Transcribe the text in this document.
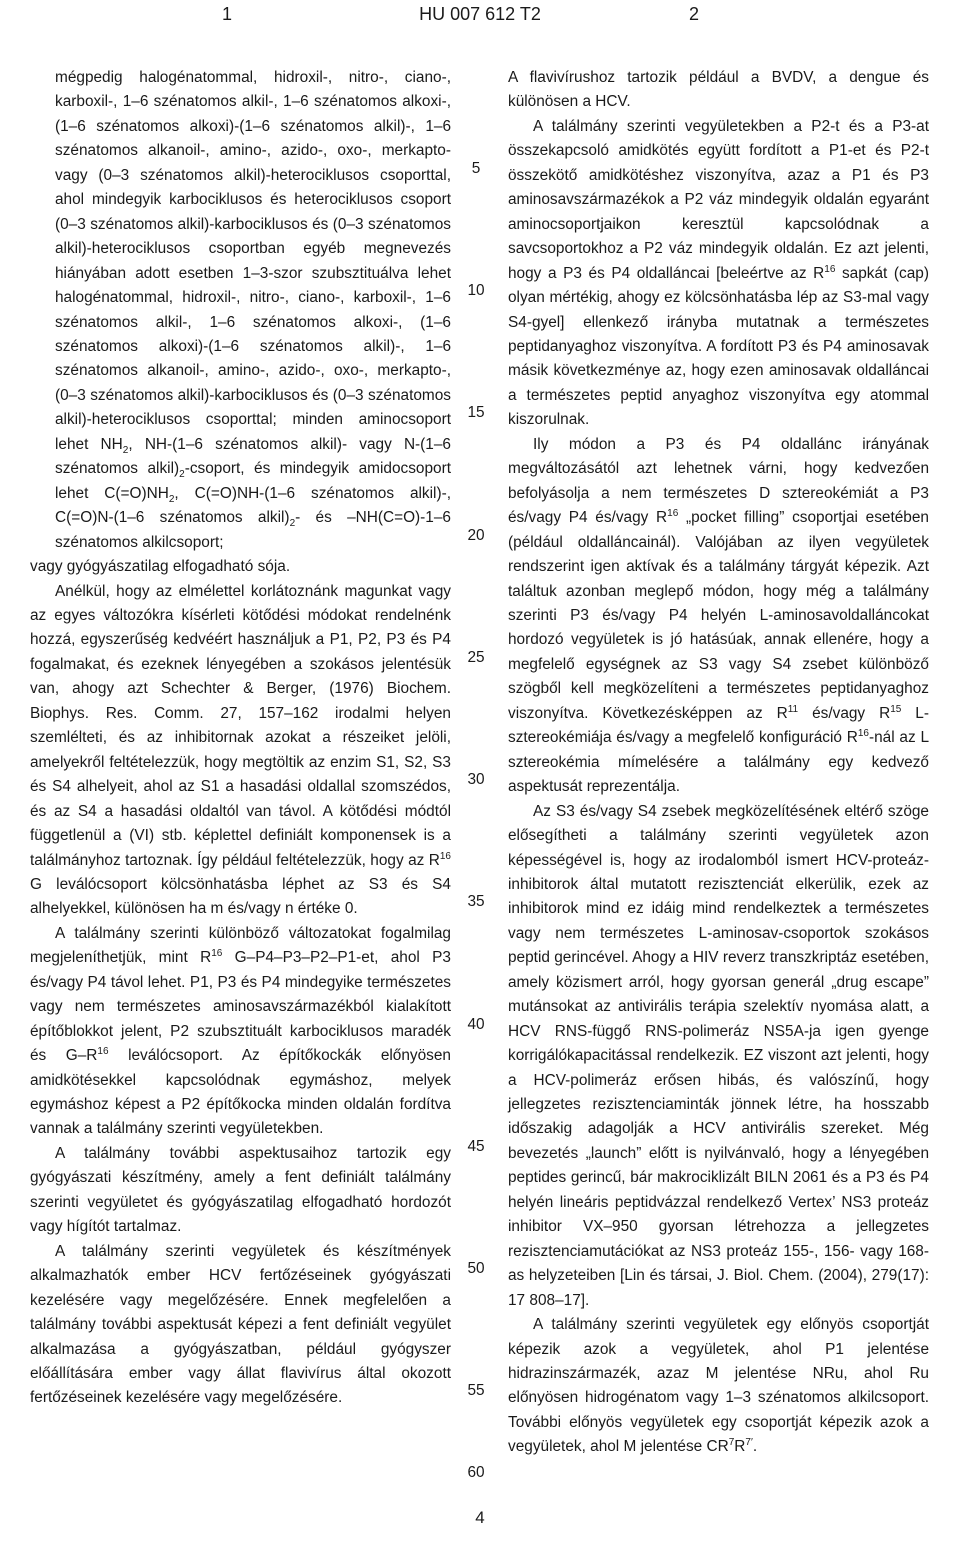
1	HU 007 612 T2	2

mégpedig halogénatommal, hidroxil-, nitro-, ciano-, karboxil-, 1–6 szénatomos alkil-, 1–6 szénatomos alkoxi-, (1–6 szénatomos alkoxi)-(1–6 szénatomos alkil)-, 1–6 szénatomos alkanoil-, amino-, azido-, oxo-, merkapto- vagy (0–3 szénatomos alkil)-heterociklusos csoporttal, ahol mindegyik karbociklusos és heterociklusos csoport (0–3 szénatomos alkil)-karbociklusos és (0–3 szénatomos alkil)-heterociklusos csoportban egyéb megnevezés hiányában adott esetben 1–3-szor szubsztituálva lehet halogénatommal, hidroxil-, nitro-, ciano-, karboxil-, 1–6 szénatomos alkil-, 1–6 szénatomos alkoxi-, (1–6 szénatomos alkoxi)-(1–6 szénatomos alkil)-, 1–6 szénatomos alkanoil-, amino-, azido-, oxo-, merkapto-, (0–3 szénatomos alkil)-karbociklusos és (0–3 szénatomos alkil)-heterociklusos csoporttal; minden aminocsoport lehet $NH_2$, NH-(1–6 szénatomos alkil)- vagy N-(1–6 szénatomos $alkil)_2$-csoport, és mindegyik amidocsoport lehet $C(=O)NH_2$, C(=O)NH-(1–6 szénatomos alkil)-, C(=O)N-(1–6 szénatomos $alkil)_2-$ és –NH(C=O)-1–6 szénatomos alkilcsoport;

vagy gyógyászatilag elfogadható sója.

Anélkül, hogy az elmélettel korlátoznánk magunkat vagy az egyes változókra kísérleti kötődési módokat rendelnénk hozzá, egyszerűség kedvéért használjuk a P1, P2, P3 és P4 fogalmakat, és ezeknek lényegében a szokásos jelentésük van, ahogy azt Schechter & Berger, (1976) Biochem. Biophys. Res. Comm. 27, 157–162 irodalmi helyen szemlélteti, és az inhibitornak azokat a részeiket jelöli, amelyekről feltételezzük, hogy megtöltik az enzim S1, S2, S3 és S4 alhelyeit, ahol az S1 a hasadási oldallal szomszédos, és az S4 a hasadási oldaltól van távol. A kötődési módtól függetlenül a (VI) stb. képlettel definiált komponensek is a találmányhoz tartoznak. Így például feltételezzük, hogy az $R^{16}$ G leválócsoport kölcsönhatásba léphet az S3 és S4 alhelyekkel, különösen ha m és/vagy n értéke 0.

A találmány szerinti különböző változatokat fogalmilag megjeleníthetjük, mint $R^{16}$ G–P4–P3–P2–P1-et, ahol P3 és/vagy P4 távol lehet. P1, P3 és P4 mindegyike természetes vagy nem természetes aminosavszármazékból kialakított építőblokkot jelent, P2 szubsztituált karbociklusos maradék és $G-R^{16}$ leválócsoport. Az építőkockák előnyösen amidkötésekkel kapcsolódnak egymáshoz, melyek egymáshoz képest a P2 építőkocka minden oldalán fordítva vannak a találmány szerinti vegyületekben.

A találmány további aspektusaihoz tartozik egy gyógyászati készítmény, amely a fent definiált találmány szerinti vegyületet és gyógyászatilag elfogadható hordozót vagy hígítót tartalmaz.

A találmány szerinti vegyületek és készítmények alkalmazhatók ember HCV fertőzéseinek gyógyászati kezelésére vagy megelőzésére. Ennek megfelelően a találmány további aspektusát képezi a fent definiált vegyület alkalmazása a gyógyászatban, például gyógyszer előállítására ember vagy állat flavivírus által okozott fertőzéseinek kezelésére vagy megelőzésére.

A flavivírushoz tartozik például a BVDV, a dengue és különösen a HCV.

A találmány szerinti vegyületekben a P2-t és a P3-at összekapcsoló amidkötés együtt fordított a P1-et és P2-t összekötő amidkötéshez viszonyítva, azaz a P1 és P3 aminosavszármazékok a P2 váz mindegyik oldalán egyaránt aminocsoportjaikon keresztül kapcsolódnak a savcsoportokhoz a P2 váz mindegyik oldalán. Ez azt jelenti, hogy a P3 és P4 oldalláncai [beleértve az $R^{16}$ sapkát (cap) olyan mértékig, ahogy ez kölcsönhatásba lép az S3-mal vagy S4-gyel] ellenkező irányba mutatnak a természetes peptidanyaghoz viszonyítva. A fordított P3 és P4 aminosavak másik következménye az, hogy ezen aminosavak oldalláncai a természetes peptid anyaghoz viszonyítva egy atommal kiszorulnak.

Ily módon a P3 és P4 oldallánc irányának megváltozásától azt lehetnek várni, hogy kedvezően befolyásolja a nem természetes D sztereokémiát a P3 és/vagy P4 és/vagy $R^{16}$ „pocket filling” csoportjai esetében (például oldalláncainál). Valójában az ilyen vegyületek rendszerint igen aktívak és a találmány tárgyát képezik. Azt találtuk azonban meglepő módon, hogy még a találmány szerinti P3 és/vagy P4 helyén L-aminosavoldalláncokat hordozó vegyületek is jó hatásúak, annak ellenére, hogy a megfelelő egységnek az S3 vagy S4 zsebet különböző szögből kell megközelíteni a természetes peptidanyaghoz viszonyítva. Következésképpen az $R^{11}$ és/vagy $R^{15}$ L-sztereokémiája és/vagy a megfelelő konfiguráció $R^{16}$-nál az L sztereokémia mímelésére a találmány egy kedvező aspektusát reprezentálja.

Az S3 és/vagy S4 zsebek megközelítésének eltérő szöge elősegítheti a találmány szerinti vegyületek azon képességével is, hogy az irodalomból ismert HCV-proteáz-inhibitorok által mutatott rezisztenciát elkerülik, ezek az inhibitorok mind ez idáig mind rendelkeztek a természetes vagy nem természetes L-aminosav-csoportok szokásos peptid gerincével. Ahogy a HIV reverz transzkriptáz esetében, amely közismert arról, hogy gyorsan generál „drug escape” mutánsokat az antivirális terápia szelektív nyomása alatt, a HCV RNS-függő RNS-polimeráz NS5A-ja igen gyenge korrigálókapacitással rendelkezik. EZ viszont azt jelenti, hogy a HCV-polimeráz erősen hibás, és valószínű, hogy jellegzetes rezisztenciaminták jönnek létre, ha hosszabb időszakig adagolják a HCV antivirális szereket. Még bevezetés „launch” előtt is nyilvánvaló, hogy a lényegében peptides gerincű, bár makrociklizált BILN 2061 és a P3 és P4 helyén lineáris peptidvázzal rendelkező Vertex’ NS3 proteáz inhibitor VX–950 gyorsan létrehozza a jellegzetes rezisztenciamutációkat az NS3 proteáz 155-, 156- vagy 168-as helyzeteiben [Lin és társai, J. Biol. Chem. (2004), 279(17): 17 808–17].

A találmány szerinti vegyületek egy előnyös csoportját képezik azok a vegyületek, ahol P1 jelentése hidrazinszármazék, azaz M jelentése NRu, ahol Ru előnyösen hidrogénatom vagy 1–3 szénatomos alkilcsoport. További előnyös vegyületek egy csoportját képezik azok a vegyületek, ahol M jelentése $CR^7R^{7'}$.

5
10
15
20
25
30
35
40
45
50
55
60
4
